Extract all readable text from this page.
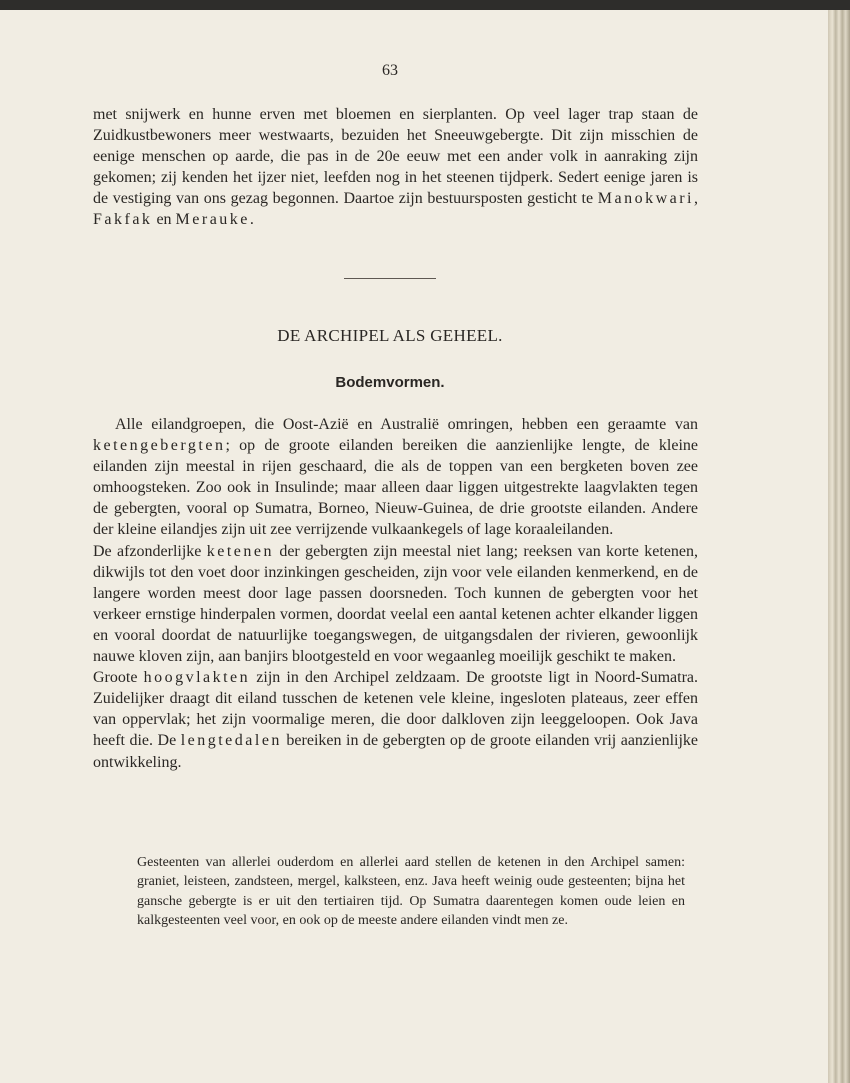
63

met snijwerk en hunne erven met bloemen en sierplanten. Op veel lager trap staan de Zuidkustbewoners meer westwaarts, bezuiden het Sneeuwgebergte. Dit zijn misschien de eenige menschen op aarde, die pas in de 20e eeuw met een ander volk in aanraking zijn gekomen; zij kenden het ijzer niet, leefden nog in het steenen tijdperk. Sedert eenige jaren is de vestiging van ons gezag begonnen. Daartoe zijn bestuursposten gesticht te Manokwari, Fakfak en Merauke.

DE ARCHIPEL ALS GEHEEL.
Bodemvormen.

Alle eilandgroepen, die Oost-Azië en Australië omringen, hebben een geraamte van ketengebergten; op de groote eilanden bereiken die aanzienlijke lengte, de kleine eilanden zijn meestal in rijen geschaard, die als de toppen van een bergketen boven zee omhoogsteken. Zoo ook in Insulinde; maar alleen daar liggen uitgestrekte laagvlakten tegen de gebergten, vooral op Sumatra, Borneo, Nieuw-Guinea, de drie grootste eilanden. Andere der kleine eilandjes zijn uit zee verrijzende vulkaankegels of lage koraaleilanden.

De afzonderlijke ketenen der gebergten zijn meestal niet lang; reeksen van korte ketenen, dikwijls tot den voet door inzinkingen gescheiden, zijn voor vele eilanden kenmerkend, en de langere worden meest door lage passen doorsneden. Toch kunnen de gebergten voor het verkeer ernstige hinderpalen vormen, doordat veelal een aantal ketenen achter elkander liggen en vooral doordat de natuurlijke toegangswegen, de uitgangsdalen der rivieren, gewoonlijk nauwe kloven zijn, aan banjirs blootgesteld en voor wegaanleg moeilijk geschikt te maken.

Groote hoogvlakten zijn in den Archipel zeldzaam. De grootste ligt in Noord-Sumatra. Zuidelijker draagt dit eiland tusschen de ketenen vele kleine, ingesloten plateaus, zeer effen van oppervlak; het zijn voormalige meren, die door dalkloven zijn leeggeloopen. Ook Java heeft die. De lengtedalen bereiken in de gebergten op de groote eilanden vrij aanzienlijke ontwikkeling.

Gesteenten van allerlei ouderdom en allerlei aard stellen de ketenen in den Archipel samen: graniet, leisteen, zandsteen, mergel, kalksteen, enz. Java heeft weinig oude gesteenten; bijna het gansche gebergte is er uit den tertiairen tijd. Op Sumatra daarentegen komen oude leien en kalkgesteenten veel voor, en ook op de meeste andere eilanden vindt men ze.
